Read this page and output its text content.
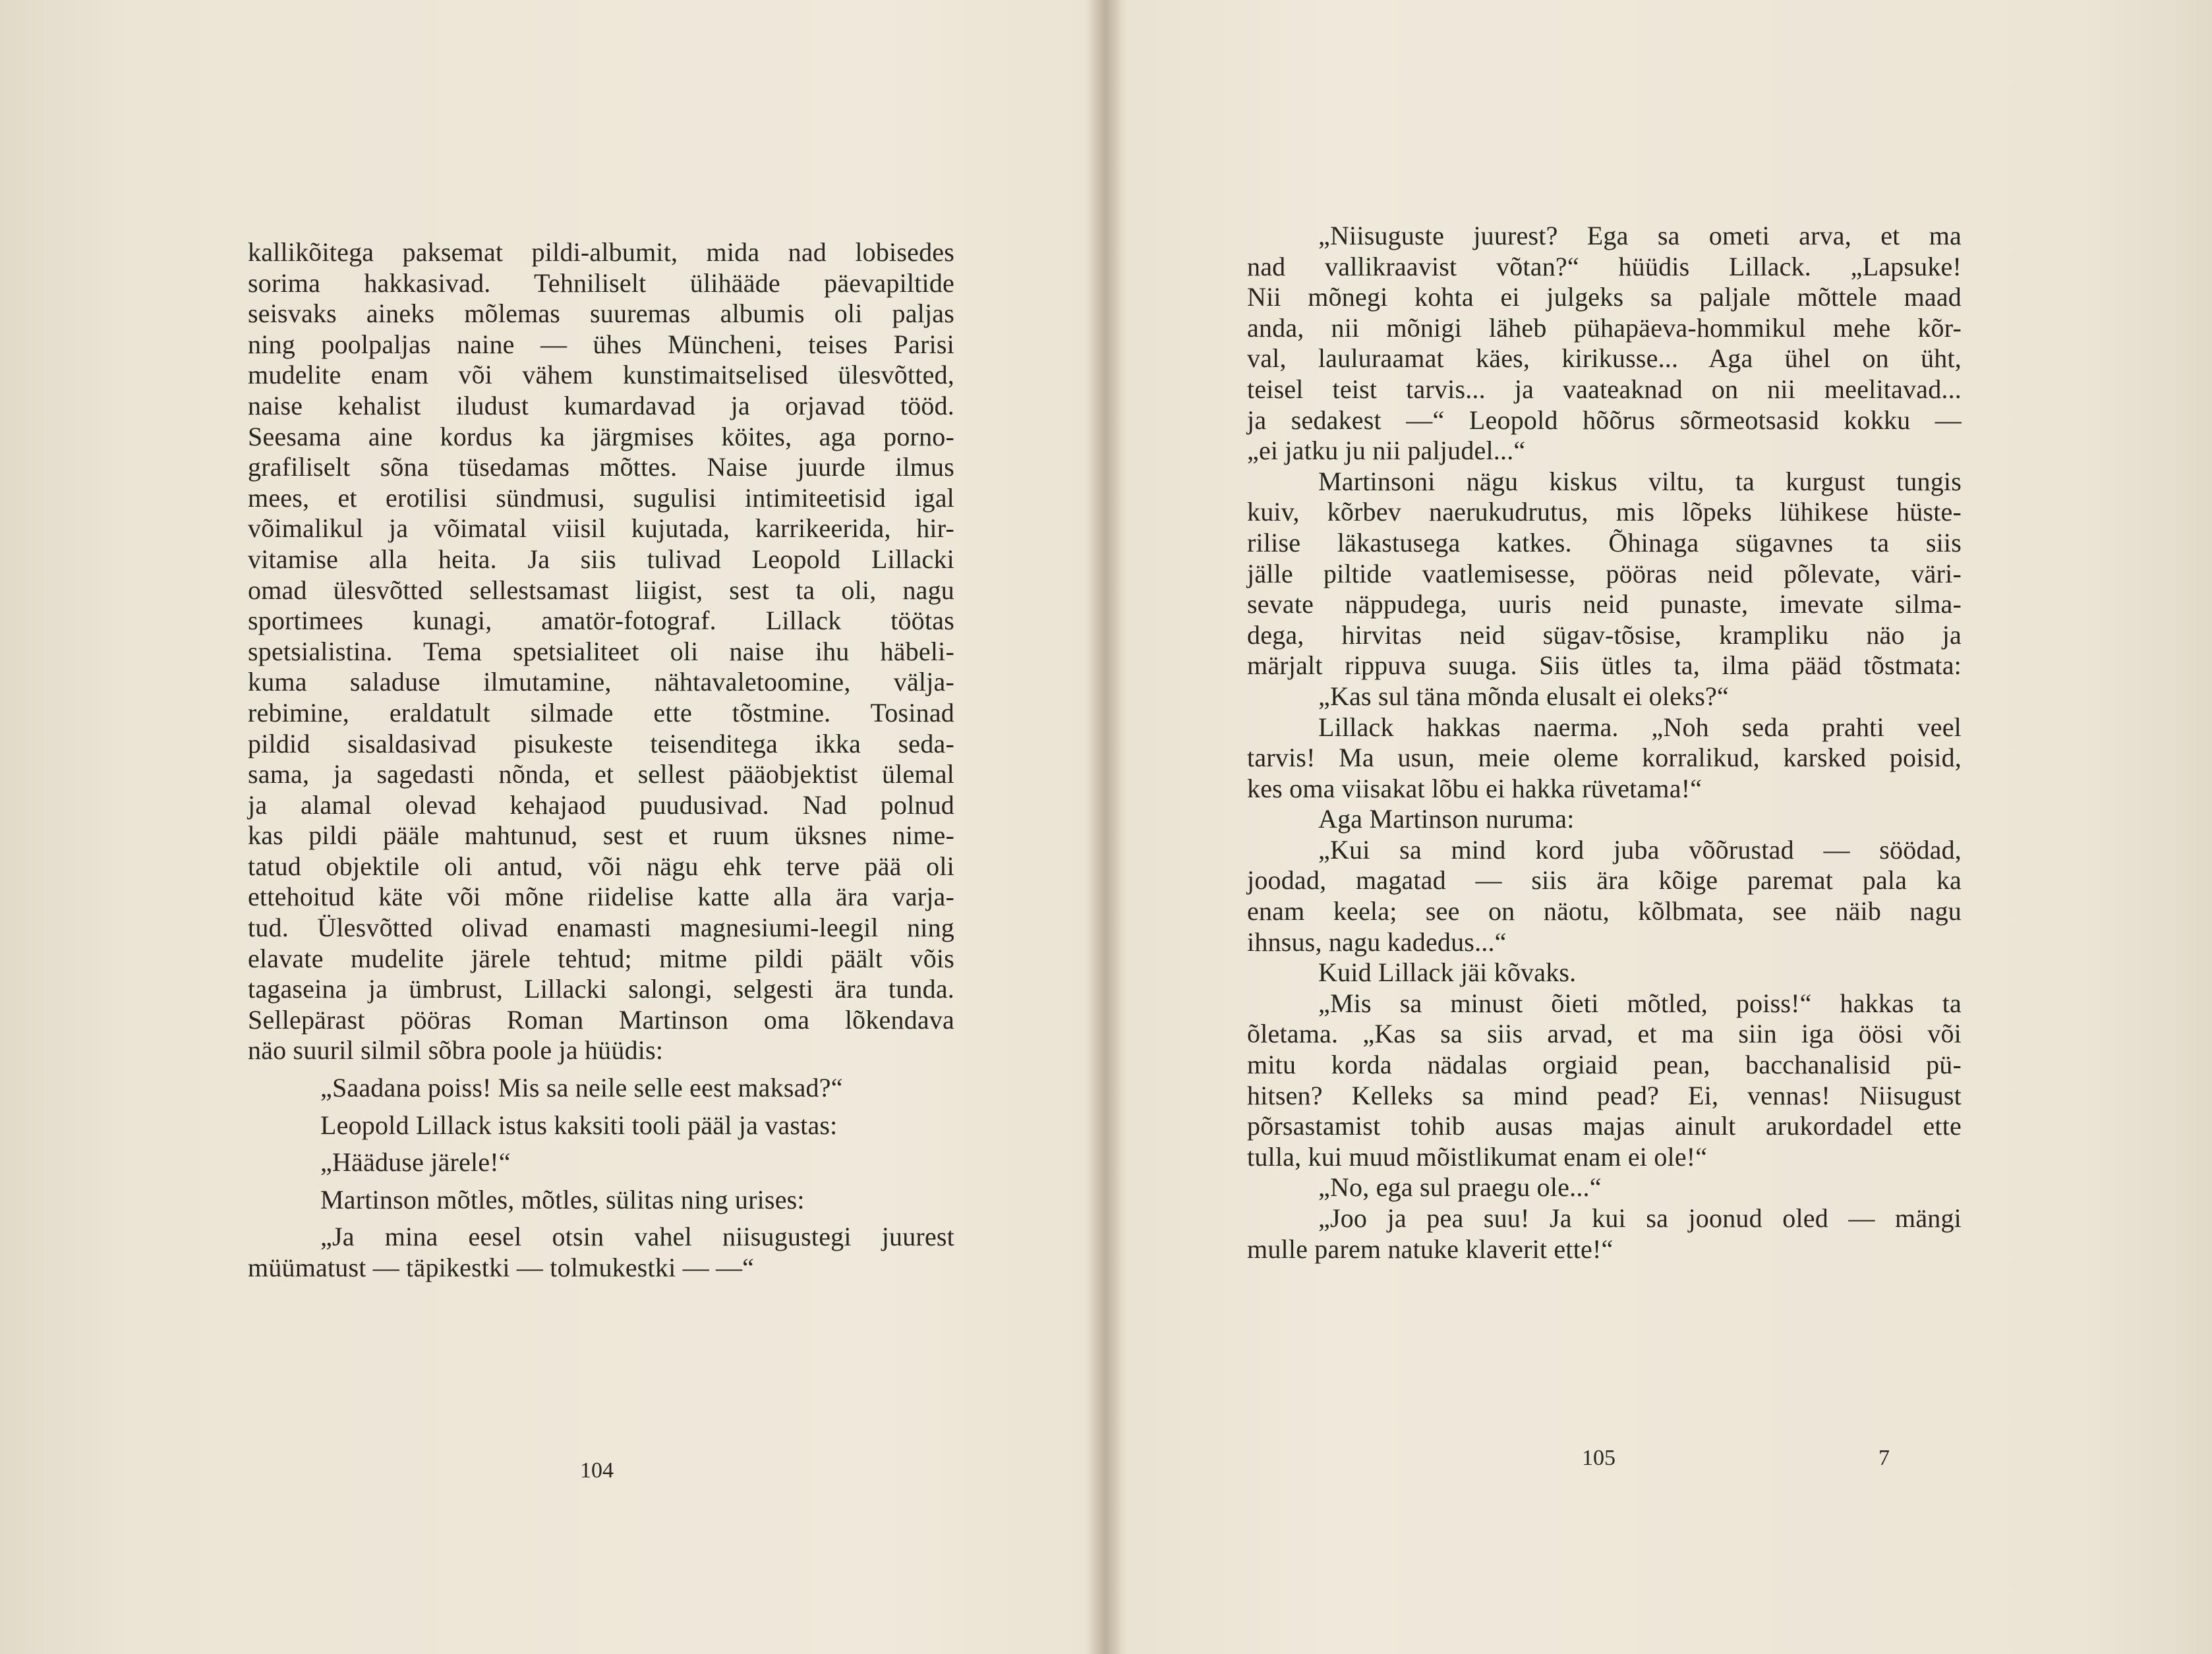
kallikõitega paksemat pildi-albumit, mida nad lobisedes
sorima hakkasivad. Tehniliselt ülihääde päevapiltide
seisvaks aineks mõlemas suuremas albumis oli paljas
ning poolpaljas naine — ühes Müncheni, teises Parisi
mudelite enam või vähem kunstimaitselised ülesvõtted,
naise kehalist iludust kumardavad ja orjavad tööd.
Seesama aine kordus ka järgmises köites, aga porno-
grafiliselt sõna tüsedamas mõttes. Naise juurde ilmus
mees, et erotilisi sündmusi, sugulisi intimiteetisid igal
võimalikul ja võimatal viisil kujutada, karrikeerida, hir-
vitamise alla heita. Ja siis tulivad Leopold Lillacki
omad ülesvõtted sellestsamast liigist, sest ta oli, nagu
sportimees kunagi, amatör-fotograf. Lillack töötas
spetsialistina. Tema spetsialiteet oli naise ihu häbeli-
kuma saladuse ilmutamine, nähtavaletoomine, välja-
rebimine, eraldatult silmade ette tõstmine. Tosinad
pildid sisaldasivad pisukeste teisenditega ikka seda-
sama, ja sagedasti nõnda, et sellest pääobjektist ülemal
ja alamal olevad kehajaod puudusivad. Nad polnud
kas pildi pääle mahtunud, sest et ruum üksnes nime-
tatud objektile oli antud, või nägu ehk terve pää oli
ettehoitud käte või mõne riidelise katte alla ära varja-
tud. Ülesvõtted olivad enamasti magnesiumi-leegil ning
elavate mudelite järele tehtud; mitme pildi päält võis
tagaseina ja ümbrust, Lillacki salongi, selgesti ära tunda.
Sellepärast pööras Roman Martinson oma lõkendava
näo suuril silmil sõbra poole ja hüüdis:
„Saadana poiss! Mis sa neile selle eest maksad?“
Leopold Lillack istus kaksiti tooli pääl ja vastas:
„Hääduse järele!“
Martinson mõtles, mõtles, sülitas ning urises:
„Ja mina eesel otsin vahel niisugustegi juurest
müümatust — täpikestki — tolmukestki — —“
104
„Niisuguste juurest? Ega sa ometi arva, et ma
nad vallikraavist võtan?“ hüüdis Lillack. „Lapsuke!
Nii mõnegi kohta ei julgeks sa paljale mõttele maad
anda, nii mõnigi läheb pühapäeva-hommikul mehe kõr-
val, lauluraamat käes, kirikusse... Aga ühel on üht,
teisel teist tarvis... ja vaateaknad on nii meelitavad...
ja sedakest —“ Leopold hõõrus sõrmeotsasid kokku —
„ei jatku ju nii paljudel...“
Martinsoni nägu kiskus viltu, ta kurgust tungis
kuiv, kõrbev naerukudrutus, mis lõpeks lühikese hüste-
rilise läkastusega katkes. Õhinaga sügavnes ta siis
jälle piltide vaatlemisesse, pööras neid põlevate, väri-
sevate näppudega, uuris neid punaste, imevate silma-
dega, hirvitas neid sügav-tõsise, krampliku näo ja
märjalt rippuva suuga. Siis ütles ta, ilma pääd tõstmata:
„Kas sul täna mõnda elusalt ei oleks?“
Lillack hakkas naerma. „Noh seda prahti veel
tarvis! Ma usun, meie oleme korralikud, karsked poisid,
kes oma viisakat lõbu ei hakka rüvetama!“
Aga Martinson nuruma:
„Kui sa mind kord juba võõrustad — söödad,
joodad, magatad — siis ära kõige paremat pala ka
enam keela; see on näotu, kõlbmata, see näib nagu
ihnsus, nagu kadedus...“
Kuid Lillack jäi kõvaks.
„Mis sa minust õieti mõtled, poiss!“ hakkas ta
õletama. „Kas sa siis arvad, et ma siin iga öösi või
mitu korda nädalas orgiaid pean, bacchanalisid pü-
hitsen? Kelleks sa mind pead? Ei, vennas! Niisugust
põrsastamist tohib ausas majas ainult arukordadel ette
tulla, kui muud mõistlikumat enam ei ole!“
„No, ega sul praegu ole...“
„Joo ja pea suu! Ja kui sa joonud oled — mängi
mulle parem natuke klaverit ette!“
105	7
